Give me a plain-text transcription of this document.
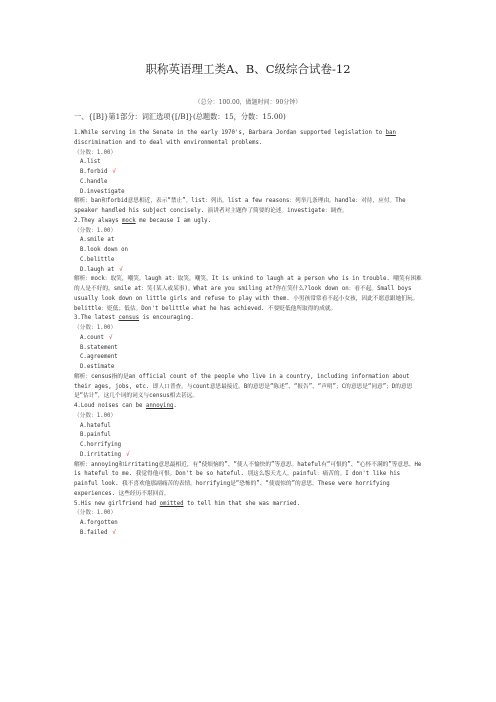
职称英语理工类A、B、C级综合试卷-12
（总分：100.00，做题时间：90分钟）
一、{[B]}第1部分：词汇选项{[/B]}(总题数：15，分数：15.00)

1.While serving in the Senate in the early 1970's, Barbara Jordan supported legislation to ban discrimination and to deal with environmental problems.

（分数：1.00）

A.list

B.forbid √

C.handle

D.investigate

解析：ban和forbid意思相近，表示“禁止”。list：列出。list a few reasons：列举几条理由。handle：对待，应付。The speaker handled his subject concisely. 演讲者对主题作了简要的论述。investigate：调查。

2.They always mock me because I am ugly.

（分数：1.00）

A.smile at

B.look down on

C.belittle

D.laugh at √

解析：mock：取笑，嘲笑。laugh at：取笑，嘲笑。It is unkind to laugh at a person who is in trouble. 嘲笑有困难的人是不好的。smile at：笑(某人或某事)。What are you smiling at?你在笑什么?look down on：看不起。Small boys usually look down on little girls and refuse to play with them. 小男孩常常看不起小女孩，因此不愿意跟她们玩。belittle：贬低；低估。Don't belittle what he has achieved. 不要贬低他所取得的成就。

3.The latest census is encouraging.

（分数：1.00）

A.count √

B.statement

C.agreement

D.estimate

解析：census指的是an official count of the people who live in a country, including information about their ages, jobs, etc. 即人口普查。与count意思最接近。B的意思是“陈述”、“报告”、“声明”；C的意思是“同意”；D的意思是“估计”，这几个词的词义与census相去甚远。

4.Loud noises can be annoying.

（分数：1.00）

A.hateful

B.painful

C.horrifying

D.irritating √

解析：annoying和irritating意思最相近，有“使烦恼的”、“使人不愉快的”等意思。hateful有“可恨的”、“心怀不满的”等意思。He is hateful to me. 我觉得他可恨。Don't be so hateful. 别这么怨天尤人。painful：痛苦的。I don't like his painful look. 我不喜欢他那副痛苦的表情。horrifying是“恐怖的”、“使震惊的”的意思。These were horrifying experiences. 这些经历不堪回首。

5.His new girlfriend had omitted to tell him that she was married.

（分数：1.00）

A.forgotten

B.failed √
